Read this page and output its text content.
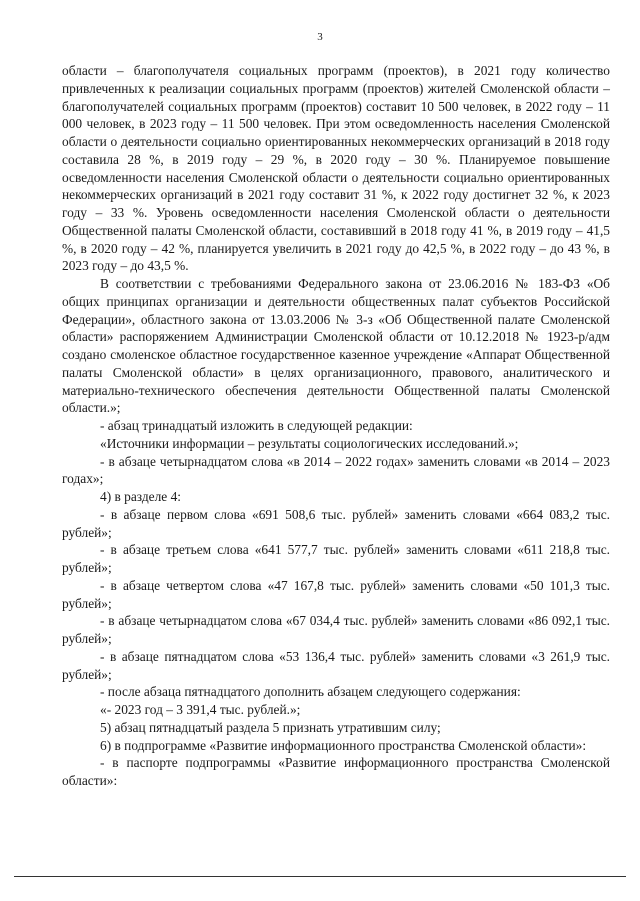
3

области – благополучателя социальных программ (проектов), в 2021 году количество привлеченных к реализации социальных программ (проектов) жителей Смоленской области – благополучателей социальных программ (проектов) составит 10 500 человек, в 2022 году – 11 000 человек, в 2023 году – 11 500 человек. При этом осведомленность населения Смоленской области о деятельности социально ориентированных некоммерческих организаций в 2018 году составила 28 %, в 2019 году – 29 %, в 2020 году – 30 %. Планируемое повышение осведомленности населения Смоленской области о деятельности социально ориентированных некоммерческих организаций в 2021 году составит 31 %, к 2022 году достигнет 32 %, к 2023 году – 33 %. Уровень осведомленности населения Смоленской области о деятельности Общественной палаты Смоленской области, составивший в 2018 году 41 %, в 2019 году – 41,5 %, в 2020 году – 42 %, планируется увеличить в 2021 году до 42,5 %, в 2022 году – до 43 %, в 2023 году – до 43,5 %.

В соответствии с требованиями Федерального закона от 23.06.2016 № 183-ФЗ «Об общих принципах организации и деятельности общественных палат субъектов Российской Федерации», областного закона от 13.03.2006 № 3-з «Об Общественной палате Смоленской области» распоряжением Администрации Смоленской области от 10.12.2018 № 1923-р/адм создано смоленское областное государственное казенное учреждение «Аппарат Общественной палаты Смоленской области» в целях организационного, правового, аналитического и материально-технического обеспечения деятельности Общественной палаты Смоленской области.»;

- абзац тринадцатый изложить в следующей редакции:

«Источники информации – результаты социологических исследований.»;

- в абзаце четырнадцатом слова «в 2014 – 2022 годах» заменить словами «в 2014 – 2023 годах»;

4) в разделе 4:

- в абзаце первом слова «691 508,6 тыс. рублей» заменить словами «664 083,2 тыс. рублей»;

- в абзаце третьем слова «641 577,7 тыс. рублей» заменить словами «611 218,8 тыс. рублей»;

- в абзаце четвертом слова «47 167,8 тыс. рублей» заменить словами «50 101,3 тыс. рублей»;

- в абзаце четырнадцатом слова «67 034,4 тыс. рублей» заменить словами «86 092,1 тыс. рублей»;

- в абзаце пятнадцатом слова «53 136,4 тыс. рублей» заменить словами «3 261,9 тыс. рублей»;

- после абзаца пятнадцатого дополнить абзацем следующего содержания:

«- 2023 год – 3 391,4 тыс. рублей.»;

5) абзац пятнадцатый раздела 5 признать утратившим силу;

6) в подпрограмме «Развитие информационного пространства Смоленской области»:

- в паспорте подпрограммы «Развитие информационного пространства Смоленской области»:
